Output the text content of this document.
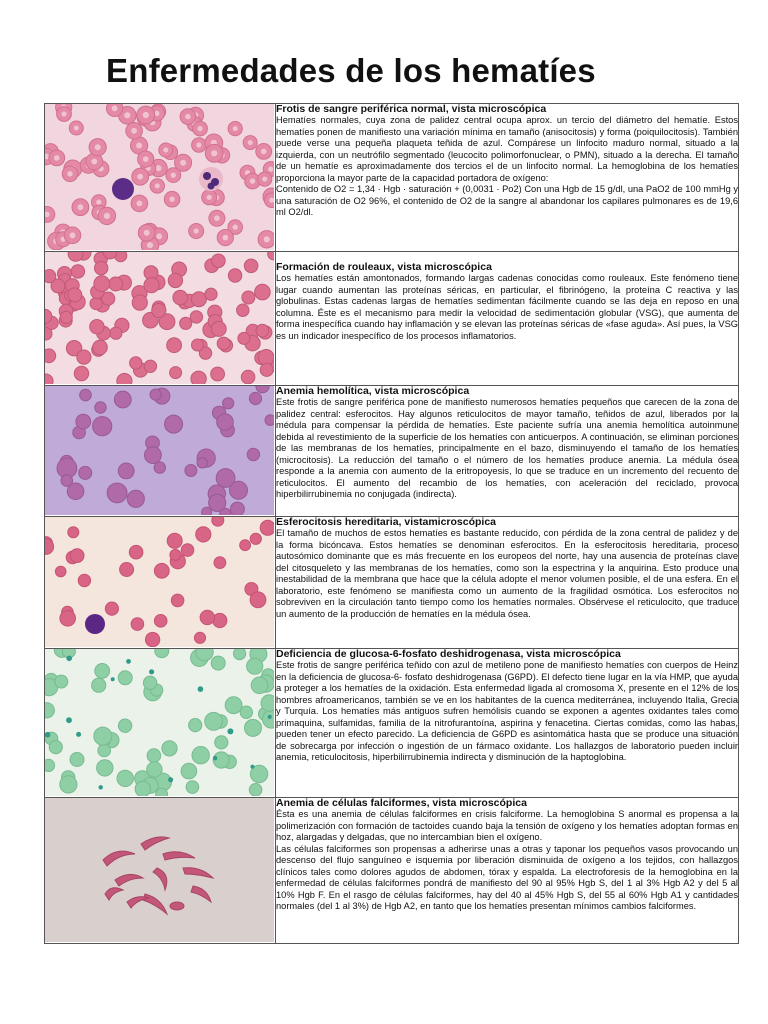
Enfermedades de los hematíes

Frotis de sangre periférica normal, vista microscópica
Hematíes normales, cuya zona de palidez central ocupa aprox. un tercio del diámetro del hematíe. Estos hematíes ponen de manifiesto una variación mínima en tamaño (anisocitosis) y forma (poiquilocitosis). También puede verse una pequeña plaqueta teñida de azul. Compárese un linfocito maduro normal, situado a la izquierda, con un neutrófilo segmentado (leucocito polimorfonuclear, o PMN), situado a la derecha. El tamaño de un hematíe es aproximadamente dos tercios el de un linfocito normal. La hemoglobina de los hematíes proporciona la mayor parte de la capacidad portadora de oxígeno:
Contenido de O2 = 1,34 · Hgb · saturación + (0,0031 · Po2) Con una Hgb de 15 g/dl, una PaO2 de 100 mmHg y una saturación de O2 96%, el contenido de O2 de la sangre al abandonar los capilares pulmonares es de 19,6 ml O2/dl.

Formación de rouleaux, vista microscópica
Los hematíes están amontonados, formando largas cadenas conocidas como rouleaux. Este fenómeno tiene lugar cuando aumentan las proteínas séricas, en particular, el fibrinógeno, la proteína C reactiva y las globulinas. Estas cadenas largas de hematíes sedimentan fácilmente cuando se las deja en reposo en una columna. Éste es el mecanismo para medir la velocidad de sedimentación globular (VSG), que aumenta de forma inespecífica cuando hay inflamación y se elevan las proteínas séricas de «fase aguda». Así pues, la VSG es un indicador inespecífico de los procesos inflamatorios.

Anemia hemolítica, vista microscópica
Este frotis de sangre periférica pone de manifiesto numerosos hematíes pequeños que carecen de la zona de palidez central: esferocitos. Hay algunos reticulocitos de mayor tamaño, teñidos de azul, liberados por la médula para compensar la pérdida de hematíes. Este paciente sufría una anemia hemolítica autoinmune debida al revestimiento de la superficie de los hematíes con anticuerpos. A continuación, se eliminan porciones de las membranas de los hematíes, principalmente en el bazo, disminuyendo el tamaño de los hematíes (microcitosis). La reducción del tamaño o el número de los hematíes produce anemia. La médula ósea responde a la anemia con aumento de la eritropoyesis, lo que se traduce en un incremento del recuento de reticulocitos. El aumento del recambio de los hematíes, con aceleración del reciclado, provoca hiperbilirrubinemia no conjugada (indirecta).

Esferocitosis hereditaria, vistamicroscópica
El tamaño de muchos de estos hematíes es bastante reducido, con pérdida de la zona central de palidez y de la forma bicóncava. Estos hematíes se denominan esferocitos. En la esferocitosis hereditaria, proceso autosómico dominante que es más frecuente en los europeos del norte, hay una ausencia de proteínas clave del citosqueleto y las membranas de los hematíes, como son la espectrina y la anquirina. Esto produce una inestabilidad de la membrana que hace que la célula adopte el menor volumen posible, el de una esfera. En el laboratorio, este fenómeno se manifiesta como un aumento de la fragilidad osmótica. Los esferocitos no sobreviven en la circulación tanto tiempo como los hematíes normales. Obsérvese el reticulocito, que traduce un aumento de la producción de hematíes en la médula ósea.

Deficiencia de glucosa-6-fosfato deshidrogenasa, vista microscópica
Este frotis de sangre periférica teñido con azul de metileno pone de manifiesto hematíes con cuerpos de Heinz en la deficiencia de glucosa-6- fosfato deshidrogenasa (G6PD). El defecto tiene lugar en la vía HMP, que ayuda a proteger a los hematíes de la oxidación. Esta enfermedad ligada al cromosoma X, presente en el 12% de los hombres afroamericanos, también se ve en los habitantes de la cuenca mediterránea, incluyendo Italia, Grecia y Turquía. Los hematíes más antiguos sufren hemólisis cuando se exponen a agentes oxidantes tales como primaquina, sulfamidas, familia de la nitrofurantoína, aspirina y fenacetina. Ciertas comidas, como las habas, pueden tener un efecto parecido. La deficiencia de G6PD es asintomática hasta que se produce una situación de sobrecarga por infección o ingestión de un fármaco oxidante. Los hallazgos de laboratorio pueden incluir anemia, reticulocitosis, hiperbilirrubinemia indirecta y disminución de la haptoglobina.

Anemia de células falciformes, vista microscópica
Ésta es una anemia de células falciformes en crisis falciforme. La hemoglobina S anormal es propensa a la polimerización con formación de tactoides cuando baja la tensión de oxígeno y los hematíes adoptan formas en hoz, alargadas y delgadas, que no intercambian bien el oxígeno.
Las células falciformes son propensas a adherirse unas a otras y taponar los pequeños vasos provocando un descenso del flujo sanguíneo e isquemia por liberación disminuida de oxígeno a los tejidos, con hallazgos clínicos tales como dolores agudos de abdomen, tórax y espalda. La electroforesis de la hemoglobina en la enfermedad de células falciformes pondrá de manifiesto del 90 al 95% Hgb S, del 1 al 3% Hgb A2 y del 5 al 10% Hgb F. En el rasgo de células falciformes, hay del 40 al 45% Hgb S, del 55 al 60% Hgb A1 y cantidades normales (del 1 al 3%) de Hgb A2, en tanto que los hematíes presentan mínimos cambios falciformes.
